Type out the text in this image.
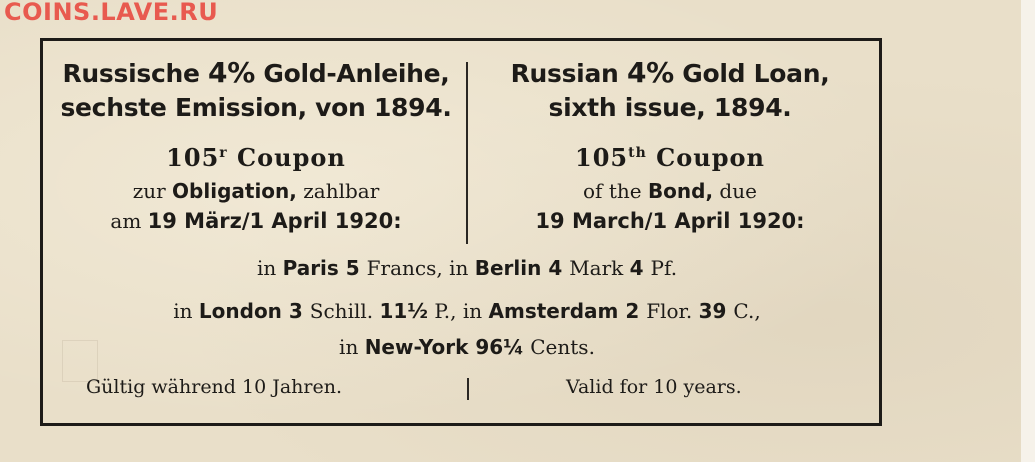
COINS.LAVE.RU
Russische 4% Gold-Anleihe,
sechste Emission, von 1894.
105$^r$ Coupon
zur Obligation, zahlbar
am 19 März/1 April 1920:
Russian 4% Gold Loan,
sixth issue, 1894.
105th Coupon
of the Bond, due
19 March/1 April 1920:
in Paris 5 Francs, in Berlin 4 Mark 4 Pf.
in London 3 Schill. 11½ P., in Amsterdam 2 Flor. 39 C.,
in New-York 96¼ Cents.
Gültig während 10 Jahren.	Valid for 10 years.
